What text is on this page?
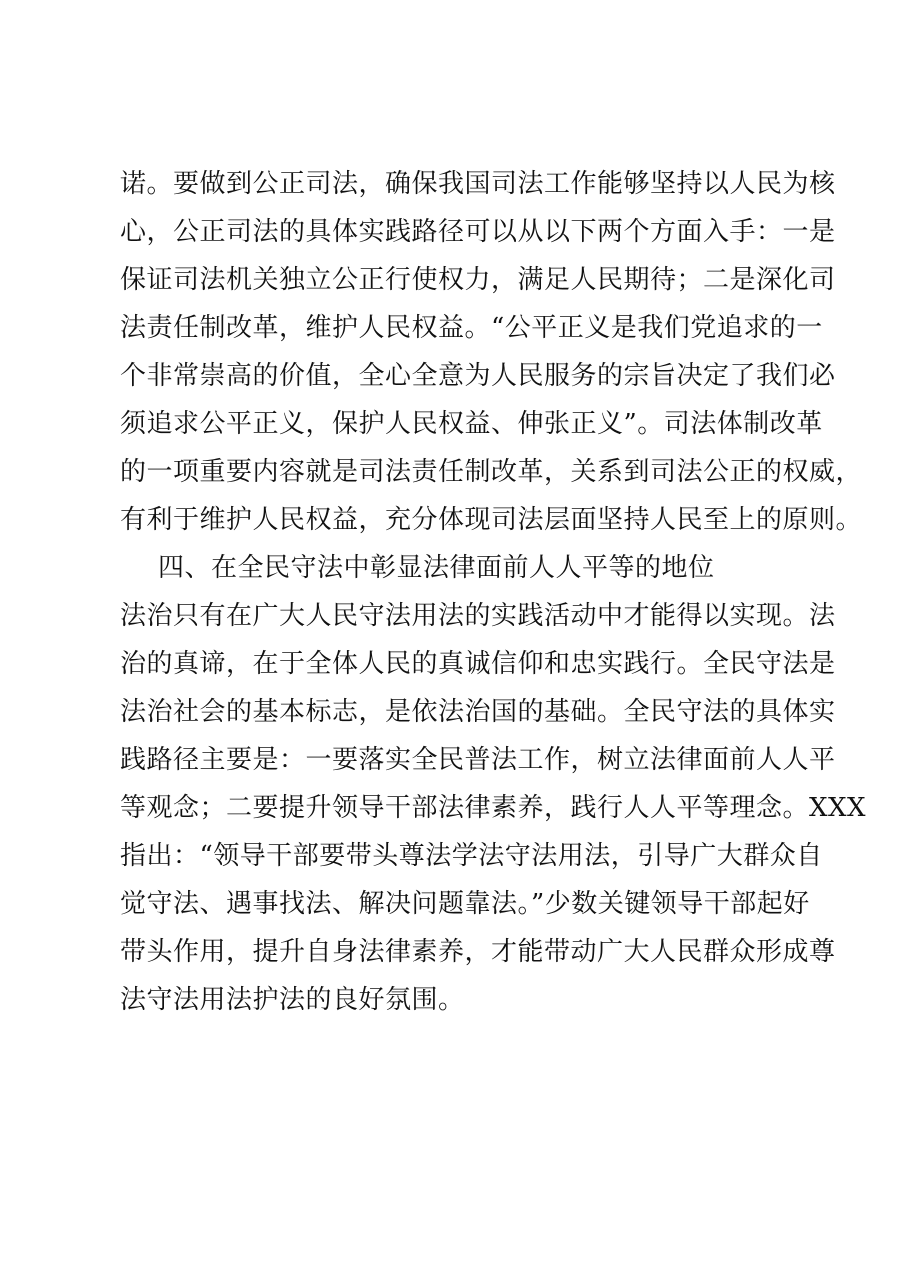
诺。要做到公正司法，确保我国司法工作能够坚持以人民为核
心，公正司法的具体实践路径可以从以下两个方面入手：一是
保证司法机关独立公正行使权力，满足人民期待；二是深化司
法责任制改革，维护人民权益。“公平正义是我们党追求的一
个非常崇高的价值，全心全意为人民服务的宗旨决定了我们必
须追求公平正义，保护人民权益、伸张正义”。司法体制改革
的一项重要内容就是司法责任制改革，关系到司法公正的权威，
有利于维护人民权益，充分体现司法层面坚持人民至上的原则。
四、在全民守法中彰显法律面前人人平等的地位
法治只有在广大人民守法用法的实践活动中才能得以实现。法
治的真谛，在于全体人民的真诚信仰和忠实践行。全民守法是
法治社会的基本标志，是依法治国的基础。全民守法的具体实
践路径主要是：一要落实全民普法工作，树立法律面前人人平
等观念；二要提升领导干部法律素养，践行人人平等理念。XXX
指出：“领导干部要带头尊法学法守法用法，引导广大群众自
觉守法、遇事找法、解决问题靠法。”少数关键领导干部起好
带头作用，提升自身法律素养，才能带动广大人民群众形成尊
法守法用法护法的良好氛围。
